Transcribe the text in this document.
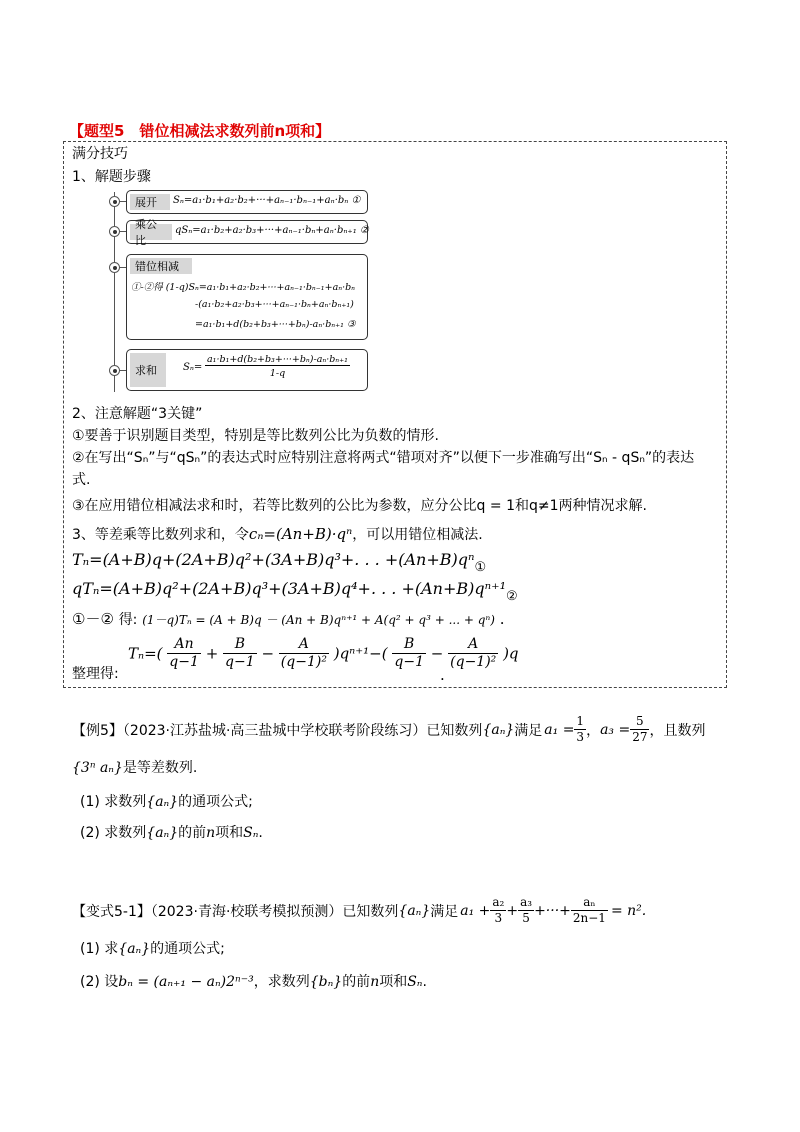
【题型5　错位相减法求数列前n项和】
满分技巧
1、解题步骤
展开	Sₙ=a₁·b₁+a₂·b₂+···+aₙ₋₁·bₙ₋₁+aₙ·bₙ ①
乘公比
qSₙ=a₁·b₂+a₂·b₃+···+aₙ₋₁·bₙ+aₙ·bₙ₊₁ ②
错位相减
①-②得 (1-q)Sₙ=a₁·b₁+a₂·b₂+···+aₙ₋₁·bₙ₋₁+aₙ·bₙ
-(a₁·b₂+a₂·b₃+···+aₙ₋₁·bₙ+aₙ·bₙ₊₁)
=a₁·b₁+d(b₂+b₃+···+bₙ)-aₙ·bₙ₊₁ ③
求和	$S_n= \frac{\text{a₁·b₁+d(b₂+b₃+···+bₙ)-aₙ·bₙ₊₁}}{1-q}$
2、注意解题“3关键”
①要善于识别题目类型，特别是等比数列公比为负数的情形.
②在写出“Sₙ”与“qSₙ”的表达式时应特别注意将两式“错项对齐”以便下一步准确写出“Sₙ - qSₙ”的表达
式.
③在应用错位相减法求和时，若等比数列的公比为参数，应分公比q = 1和q≠1两种情况求解.
3、等差乘等比数列求和，令cₙ=(An+B)·qⁿ，可以用错位相减法.
Tₙ=(A+B)q+(2A+B)q²+(3A+B)q³+. . . +(An+B)qⁿ$_①$
qTₙ=(A+B)q²+(2A+B)q³+(3A+B)q⁴+. . . $+(An+B)q^{n+1}_②$
①－② 得: (1－q)Tₙ = (A + B)q － (An + B)qⁿ⁺¹ + A(q² + q³ + ... + qⁿ) .
整理得:
$T_n=( \frac{An}{q-1} + \frac{B}{q-1} - \frac{A}{\text{(q−1)²}} )q^{n+1}-( \frac{B}{q-1} - \frac{A}{\text{(q−1)²}} )q$
.
【例5】（2023·江苏盐城·高三盐城中学校联考阶段练习）已知数列 {aₙ} 满足 $a_1 = \frac{1}{3}$ ， $a_3 = \frac{5}{27}$ ，且数列
{3ⁿ aₙ}是等差数列.
(1) 求数列{aₙ}的通项公式;
(2) 求数列{aₙ}的前n项和Sₙ.
【变式5-1】（2023·青海·校联考模拟预测）已知数列 {aₙ} 满足 $a_1 + \frac{\text{a₂}}{3} + \frac{\text{a₃}}{5}$ +···+ $\frac{\text{aₙ}}{2n-1} = n^2$.
(1) 求{aₙ}的通项公式;
(2) 设bₙ = (aₙ₊₁ − aₙ)2ⁿ⁻³，求数列{bₙ}的前n项和Sₙ.
